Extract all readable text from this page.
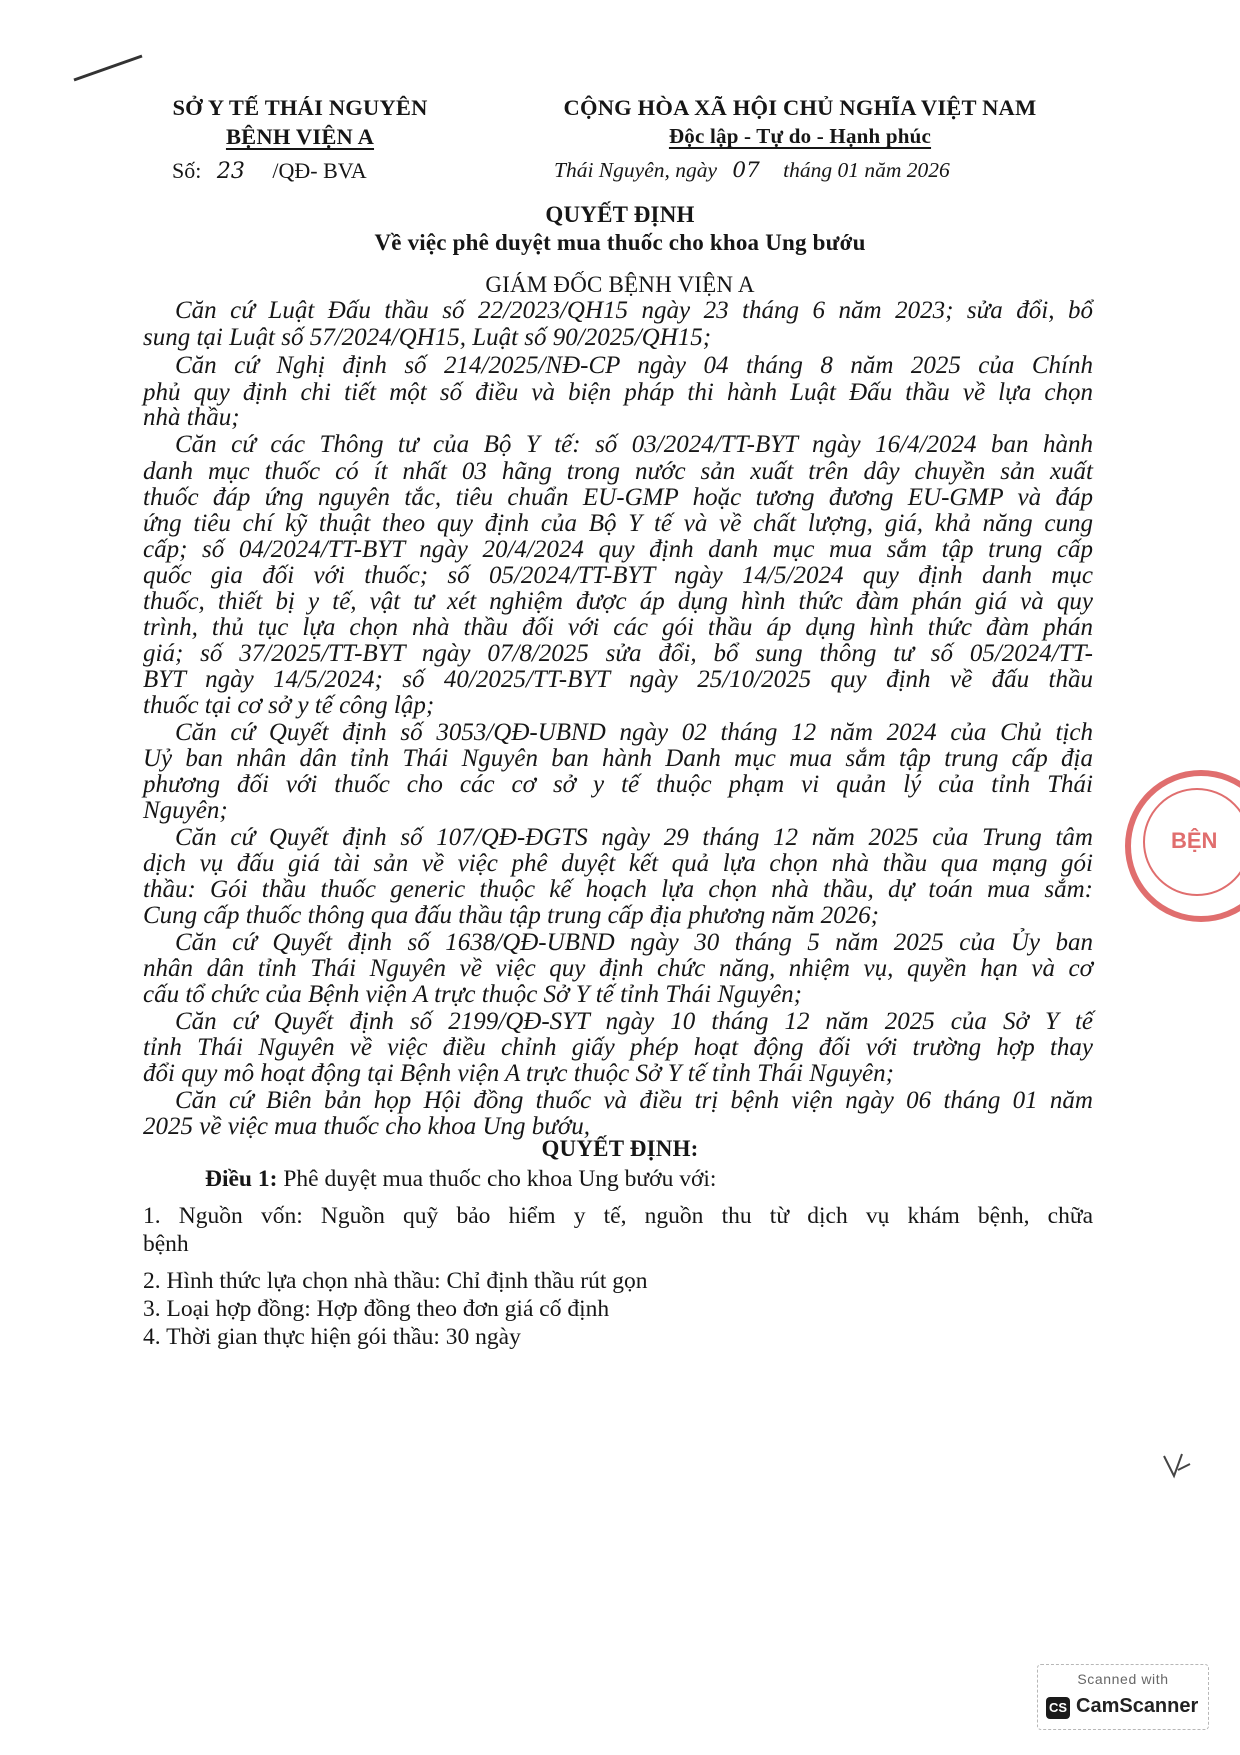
SỞ Y TẾ THÁI NGUYÊN
BỆNH VIỆN A
Số: 23 /QĐ- BVA
CỘNG HÒA XÃ HỘI CHỦ NGHĨA VIỆT NAM
Độc lập - Tự do - Hạnh phúc
Thái Nguyên, ngày 07 tháng 01 năm 2026
QUYẾT ĐỊNH
Về việc phê duyệt mua thuốc cho khoa Ung bướu
GIÁM ĐỐC BỆNH VIỆN A
Căn cứ Luật Đấu thầu số 22/2023/QH15 ngày 23 tháng 6 năm 2023; sửa đổi, bổ
sung tại Luật số 57/2024/QH15, Luật số 90/2025/QH15;
Căn cứ Nghị định số 214/2025/NĐ-CP ngày 04 tháng 8 năm 2025 của Chính
phủ quy định chi tiết một số điều và biện pháp thi hành Luật Đấu thầu về lựa chọn
nhà thầu;
Căn cứ các Thông tư của Bộ Y tế: số 03/2024/TT-BYT ngày 16/4/2024 ban hành
danh mục thuốc có ít nhất 03 hãng trong nước sản xuất trên dây chuyền sản xuất
thuốc đáp ứng nguyên tắc, tiêu chuẩn EU-GMP hoặc tương đương EU-GMP và đáp
ứng tiêu chí kỹ thuật theo quy định của Bộ Y tế và về chất lượng, giá, khả năng cung
cấp; số 04/2024/TT-BYT ngày 20/4/2024 quy định danh mục mua sắm tập trung cấp
quốc gia đối với thuốc; số 05/2024/TT-BYT ngày 14/5/2024 quy định danh mục
thuốc, thiết bị y tế, vật tư xét nghiệm được áp dụng hình thức đàm phán giá và quy
trình, thủ tục lựa chọn nhà thầu đối với các gói thầu áp dụng hình thức đàm phán
giá; số 37/2025/TT-BYT ngày 07/8/2025 sửa đổi, bổ sung thông tư số 05/2024/TT-
BYT ngày 14/5/2024; số 40/2025/TT-BYT ngày 25/10/2025 quy định về đấu thầu
thuốc tại cơ sở y tế công lập;
Căn cứ Quyết định số 3053/QĐ-UBND ngày 02 tháng 12 năm 2024 của Chủ tịch
Uỷ ban nhân dân tỉnh Thái Nguyên ban hành Danh mục mua sắm tập trung cấp địa
phương đối với thuốc cho các cơ sở y tế thuộc phạm vi quản lý của tỉnh Thái
Nguyên;
Căn cứ Quyết định số 107/QĐ-ĐGTS ngày 29 tháng 12 năm 2025 của Trung tâm
dịch vụ đấu giá tài sản về việc phê duyệt kết quả lựa chọn nhà thầu qua mạng gói
thầu: Gói thầu thuốc generic thuộc kế hoạch lựa chọn nhà thầu, dự toán mua sắm:
Cung cấp thuốc thông qua đấu thầu tập trung cấp địa phương năm 2026;
Căn cứ Quyết định số 1638/QĐ-UBND ngày 30 tháng 5 năm 2025 của Ủy ban
nhân dân tỉnh Thái Nguyên về việc quy định chức năng, nhiệm vụ, quyền hạn và cơ
cấu tổ chức của Bệnh viện A trực thuộc Sở Y tế tỉnh Thái Nguyên;
Căn cứ Quyết định số 2199/QĐ-SYT ngày 10 tháng 12 năm 2025 của Sở Y tế
tỉnh Thái Nguyên về việc điều chỉnh giấy phép hoạt động đối với trường hợp thay
đổi quy mô hoạt động tại Bệnh viện A trực thuộc Sở Y tế tỉnh Thái Nguyên;
Căn cứ Biên bản họp Hội đồng thuốc và điều trị bệnh viện ngày 06 tháng 01 năm
2025 về việc mua thuốc cho khoa Ung bướu,
QUYẾT ĐỊNH:
Điều 1: Phê duyệt mua thuốc cho khoa Ung bướu với:
1. Nguồn vốn: Nguồn quỹ bảo hiểm y tế, nguồn thu từ dịch vụ khám bệnh, chữa
bệnh
2. Hình thức lựa chọn nhà thầu: Chỉ định thầu rút gọn
3. Loại hợp đồng: Hợp đồng theo đơn giá cố định
4. Thời gian thực hiện gói thầu: 30 ngày
BỆN
Scanned with
CS CamScanner
